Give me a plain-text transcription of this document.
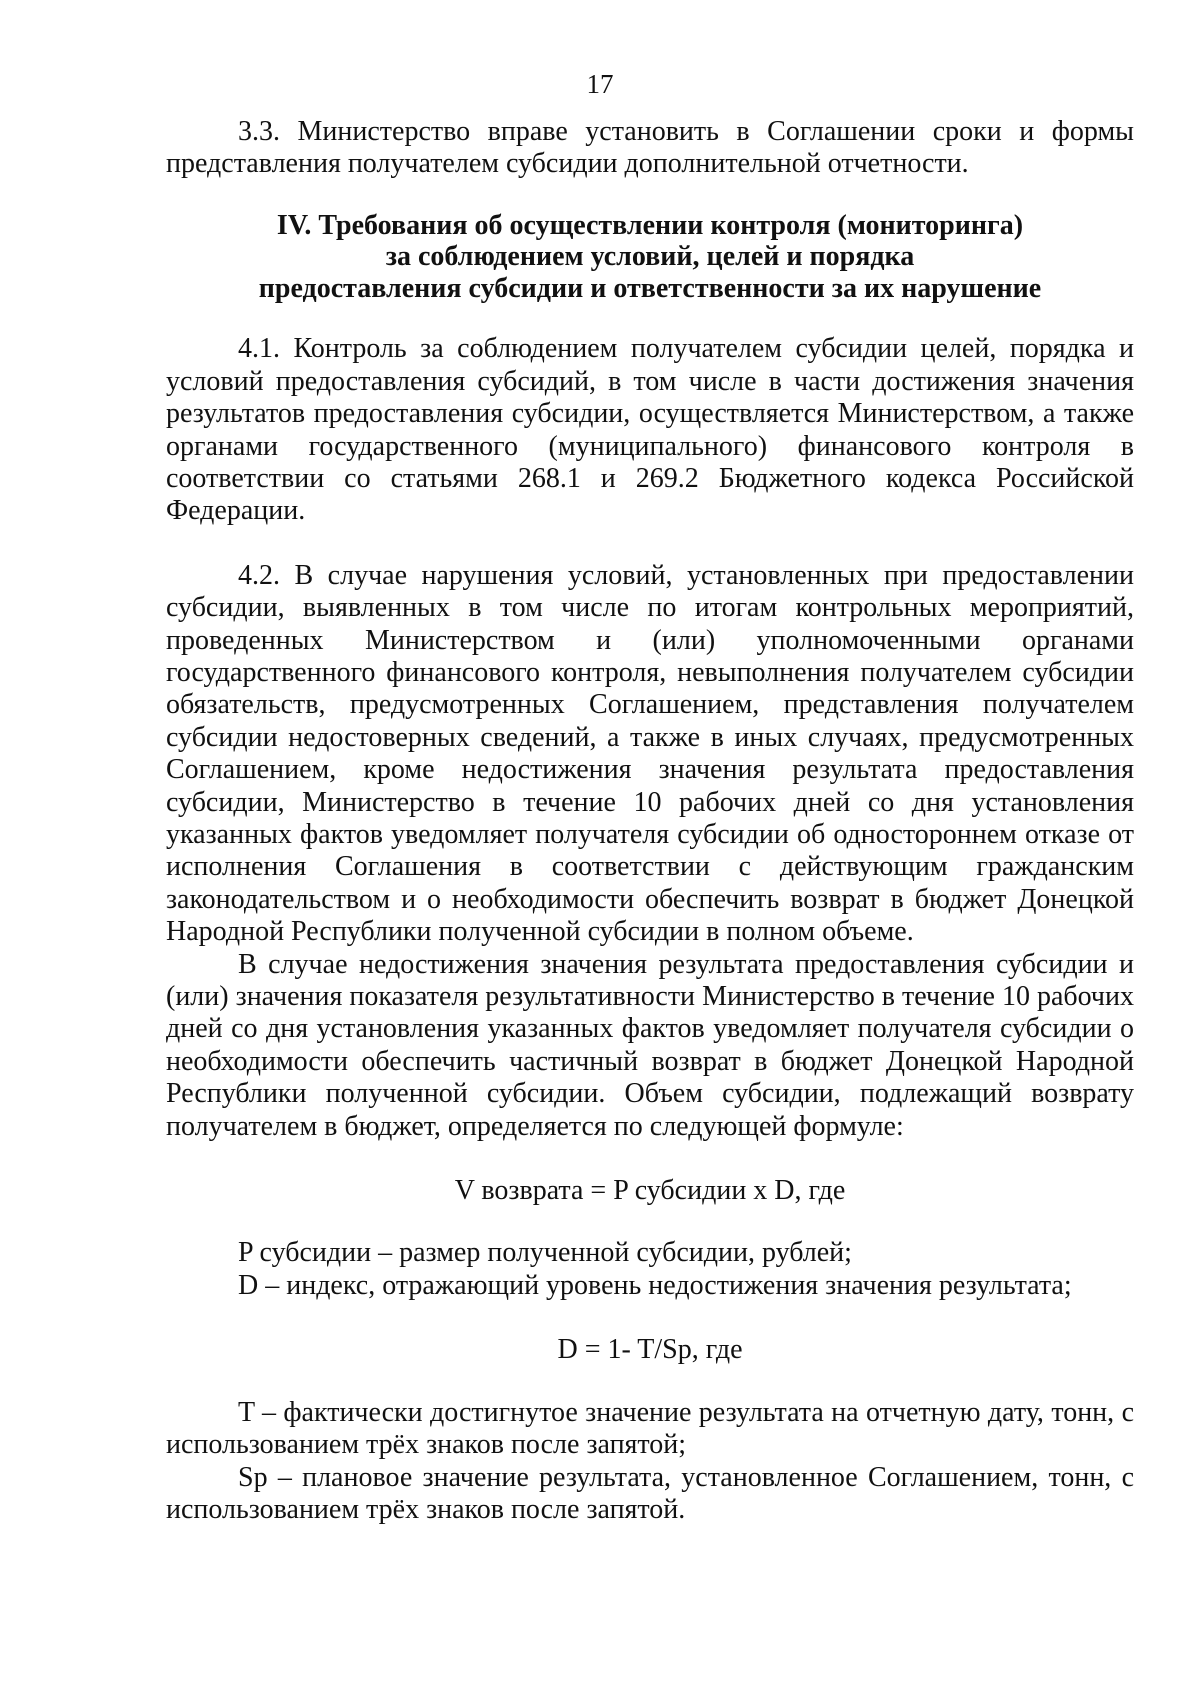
17

3.3. Министерство вправе установить в Соглашении сроки и формы представления получателем субсидии дополнительной отчетности.

IV. Требования об осуществлении контроля (мониторинга)
за соблюдением условий, целей и порядка
предоставления субсидии и ответственности за их нарушение

4.1. Контроль за соблюдением получателем субсидии целей, порядка и условий предоставления субсидий, в том числе в части достижения значения результатов предоставления субсидии, осуществляется Министерством, а также органами государственного (муниципального) финансового контроля в соответствии со статьями 268.1 и 269.2 Бюджетного кодекса Российской Федерации.

4.2. В случае нарушения условий, установленных при предоставлении субсидии, выявленных в том числе по итогам контрольных мероприятий, проведенных Министерством и (или) уполномоченными органами государственного финансового контроля, невыполнения получателем субсидии обязательств, предусмотренных Соглашением, представления получателем субсидии недостоверных сведений, а также в иных случаях, предусмотренных Соглашением, кроме недостижения значения результата предоставления субсидии, Министерство в течение 10 рабочих дней со дня установления указанных фактов уведомляет получателя субсидии об одностороннем отказе от исполнения Соглашения в соответствии с действующим гражданским законодательством и о необходимости обеспечить возврат в бюджет Донецкой Народной Республики полученной субсидии в полном объеме.

В случае недостижения значения результата предоставления субсидии и (или) значения показателя результативности Министерство в течение 10 рабочих дней со дня установления указанных фактов уведомляет получателя субсидии о необходимости обеспечить частичный возврат в бюджет Донецкой Народной Республики полученной субсидии. Объем субсидии, подлежащий возврату получателем в бюджет, определяется по следующей формуле:

V возврата = P субсидии х D, где

P субсидии – размер полученной субсидии, рублей;

D – индекс, отражающий уровень недостижения значения результата;

D = 1- T/Sp, где

T – фактически достигнутое значение результата на отчетную дату, тонн, с использованием трёх знаков после запятой;

Sp – плановое значение результата, установленное Соглашением, тонн, с использованием трёх знаков после запятой.
